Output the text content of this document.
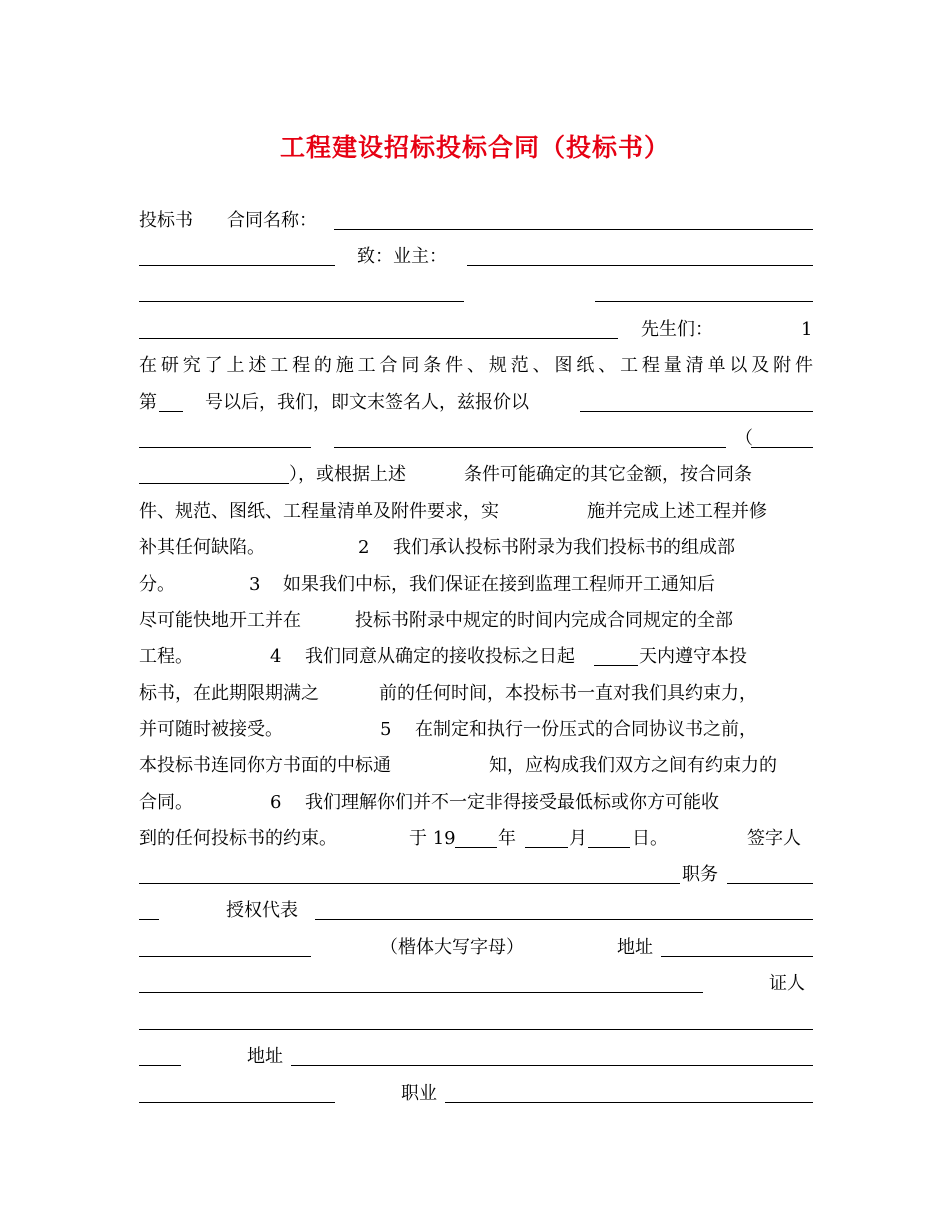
工程建设招标投标合同（投标书）
投标书 合同名称：
致：业主：
先生们：	1
在研究了上述工程的施工合同条件、规范、图纸、工程量清单以及附件
第	号以后，我们，即文末签名人，兹报价以
（
），或根据上述	条件可能确定的其它金额，按合同条
件、规范、图纸、工程量清单及附件要求，实	施并完成上述工程并修
补其任何缺陷。	2 我们承认投标书附录为我们投标书的组成部
分。	3 如果我们中标，我们保证在接到监理工程师开工通知后
尽可能快地开工并在	投标书附录中规定的时间内完成合同规定的全部
工程。	4 我们同意从确定的接收投标之日起	天内遵守本投
标书，在此期限期满之	前的任何时间，本投标书一直对我们具约束力，
并可随时被接受。	5 在制定和执行一份压式的合同协议书之前，
本投标书连同你方书面的中标通	知，应构成我们双方之间有约束力的
合同。	6 我们理解你们并不一定非得接受最低标或你方可能收
到的任何投标书的约束。	于 19 年	月	日。	签字人
职务
授权代表
（楷体大写字母）	地址
证人
地址
职业
